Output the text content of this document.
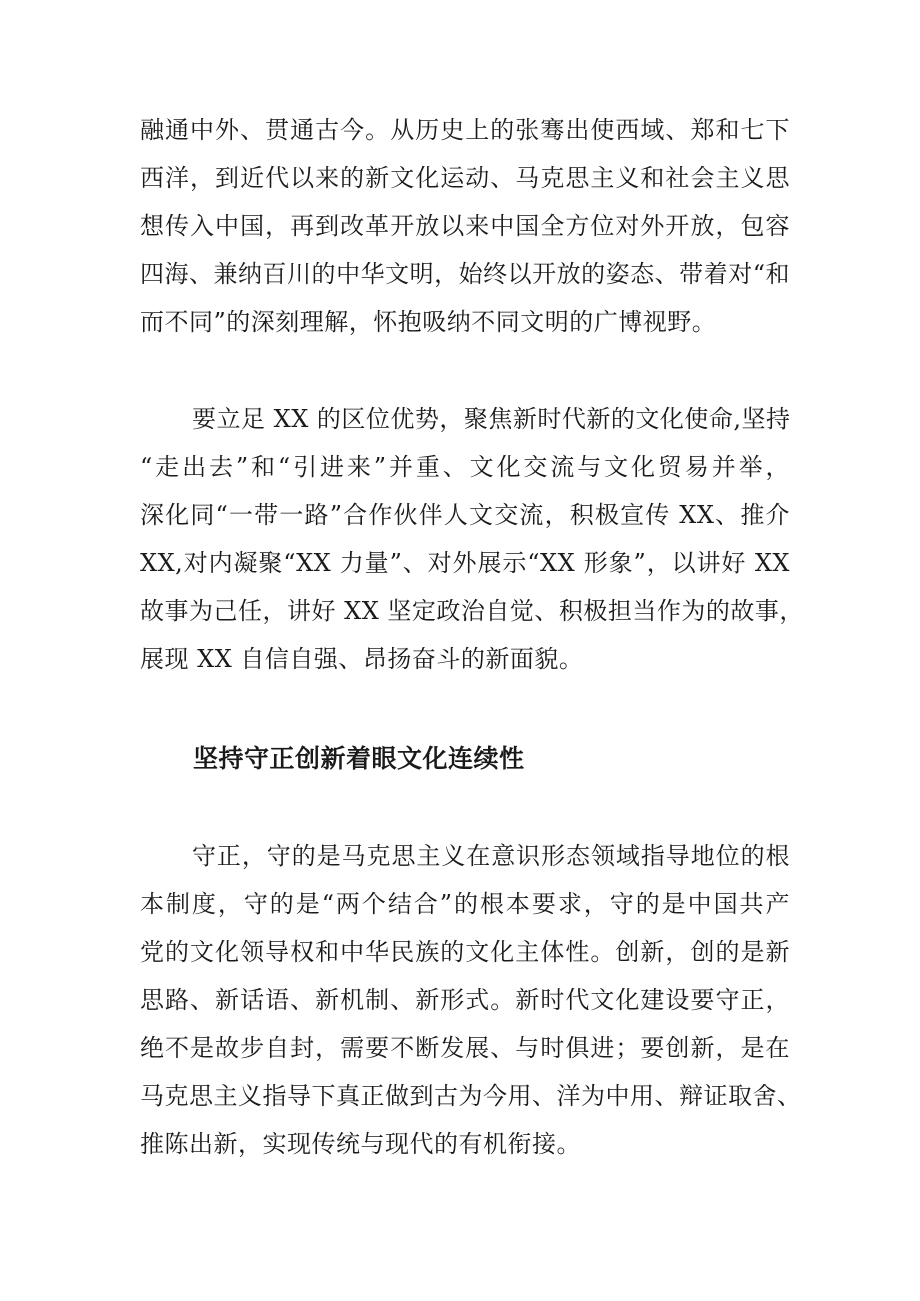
融通中外、贯通古今。从历史上的张骞出使西域、郑和七下
西洋，到近代以来的新文化运动、马克思主义和社会主义思
想传入中国，再到改革开放以来中国全方位对外开放，包容
四海、兼纳百川的中华文明，始终以开放的姿态、带着对“和
而不同”的深刻理解，怀抱吸纳不同文明的广博视野。

要立足 XX 的区位优势，聚焦新时代新的文化使命,坚持
“走出去”和“引进来”并重、文化交流与文化贸易并举，
深化同“一带一路”合作伙伴人文交流，积极宣传 XX、推介
XX,对内凝聚“XX 力量”、对外展示“XX 形象”，以讲好 XX
故事为己任，讲好 XX 坚定政治自觉、积极担当作为的故事，
展现 XX 自信自强、昂扬奋斗的新面貌。

坚持守正创新着眼文化连续性

守正，守的是马克思主义在意识形态领域指导地位的根
本制度，守的是“两个结合”的根本要求，守的是中国共产
党的文化领导权和中华民族的文化主体性。创新，创的是新
思路、新话语、新机制、新形式。新时代文化建设要守正，
绝不是故步自封，需要不断发展、与时俱进；要创新，是在
马克思主义指导下真正做到古为今用、洋为中用、辩证取舍、
推陈出新，实现传统与现代的有机衔接。
